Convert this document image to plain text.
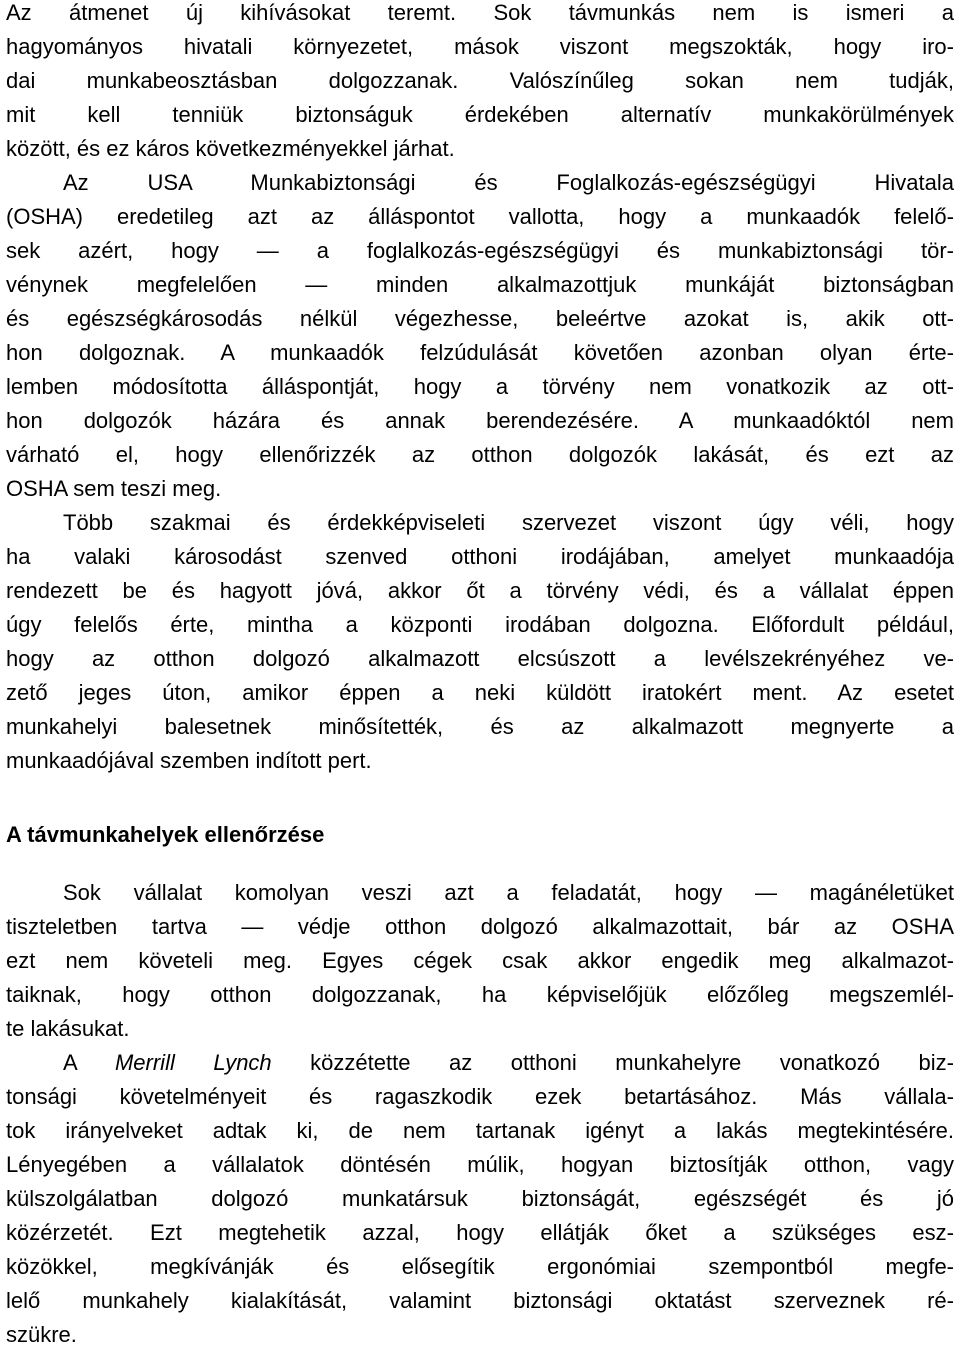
Az átmenet új kihívásokat teremt. Sok távmunkás nem is ismeri a
hagyományos hivatali környezetet, mások viszont megszokták, hogy iro-
dai munkabeosztásban dolgozzanak. Valószínűleg sokan nem tudják,
mit kell tenniük biztonságuk érdekében alternatív munkakörülmények
között, és ez káros következményekkel járhat.
Az USA Munkabiztonsági és Foglalkozás-egészségügyi Hivatala
(OSHA) eredetileg azt az álláspontot vallotta, hogy a munkaadók felelő-
sek azért, hogy — a foglalkozás-egészségügyi és munkabiztonsági tör-
vénynek megfelelően — minden alkalmazottjuk munkáját biztonságban
és egészségkárosodás nélkül végezhesse, beleértve azokat is, akik ott-
hon dolgoznak. A munkaadók felzúdulását követően azonban olyan érte-
lemben módosította álláspontját, hogy a törvény nem vonatkozik az ott-
hon dolgozók házára és annak berendezésére. A munkaadóktól nem
várható el, hogy ellenőrizzék az otthon dolgozók lakását, és ezt az
OSHA sem teszi meg.
Több szakmai és érdekképviseleti szervezet viszont úgy véli, hogy
ha valaki károsodást szenved otthoni irodájában, amelyet munkaadója
rendezett be és hagyott jóvá, akkor őt a törvény védi, és a vállalat éppen
úgy felelős érte, mintha a központi irodában dolgozna. Előfordult például,
hogy az otthon dolgozó alkalmazott elcsúszott a levélszekrényéhez ve-
zető jeges úton, amikor éppen a neki küldött iratokért ment. Az esetet
munkahelyi balesetnek minősítették, és az alkalmazott megnyerte a
munkaadójával szemben indított pert.
A távmunkahelyek ellenőrzése
Sok vállalat komolyan veszi azt a feladatát, hogy — magánéletüket
tiszteletben tartva — védje otthon dolgozó alkalmazottait, bár az OSHA
ezt nem követeli meg. Egyes cégek csak akkor engedik meg alkalmazot-
taiknak, hogy otthon dolgozzanak, ha képviselőjük előzőleg megszemlél-
te lakásukat.
A Merrill Lynch közzétette az otthoni munkahelyre vonatkozó biz-
tonsági követelményeit és ragaszkodik ezek betartásához. Más vállala-
tok irányelveket adtak ki, de nem tartanak igényt a lakás megtekintésére.
Lényegében a vállalatok döntésén múlik, hogyan biztosítják otthon, vagy
külszolgálatban dolgozó munkatársuk biztonságát, egészségét és jó
közérzetét. Ezt megtehetik azzal, hogy ellátják őket a szükséges esz-
közökkel, megkívánják és elősegítik ergonómiai szempontból megfe-
lelő munkahely kialakítását, valamint biztonsági oktatást szerveznek ré-
szükre.
